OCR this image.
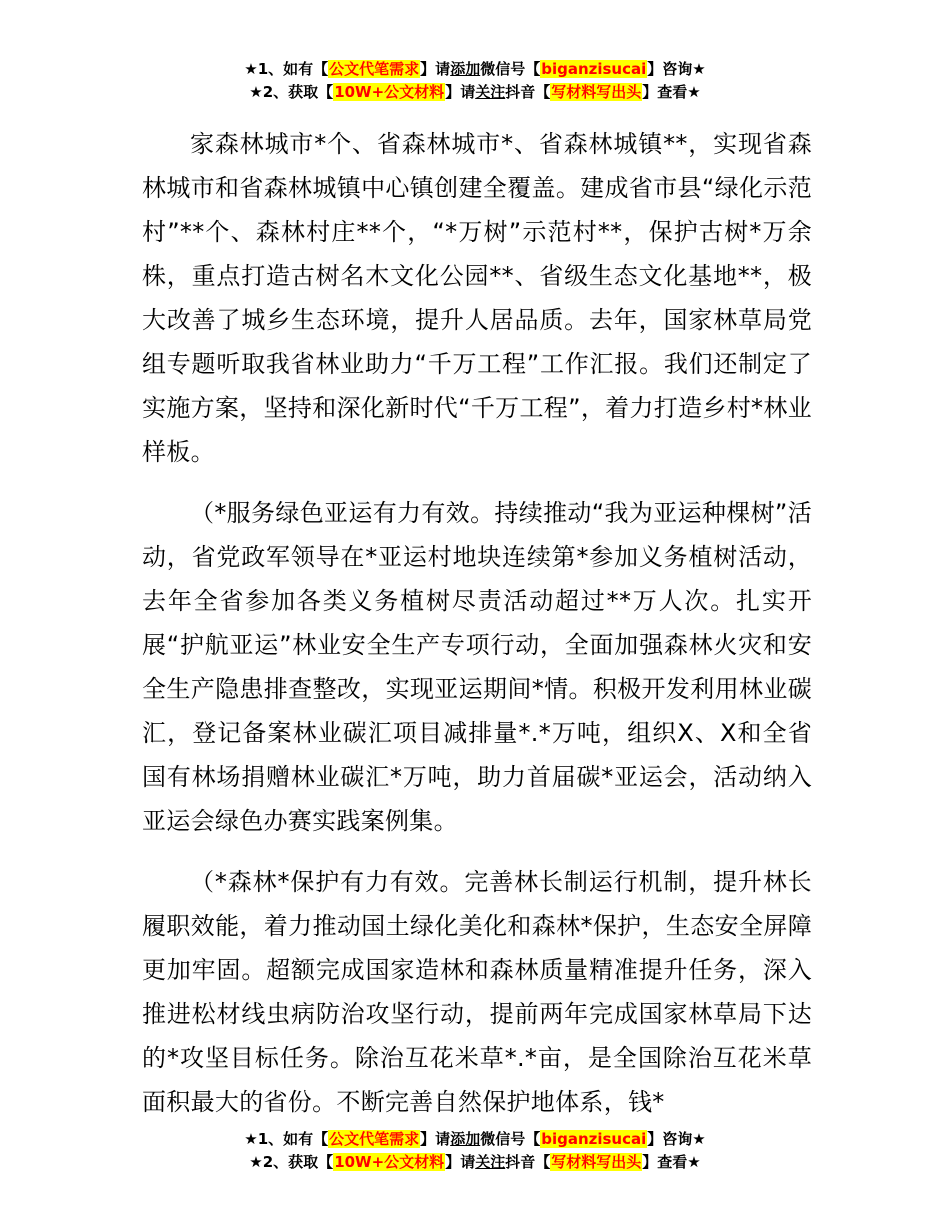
★1、如有【公文代笔需求】请添加微信号【biganzisucai】咨询★
★2、获取【10W+公文材料】请关注抖音【写材料写出头】查看★

家森林城市*个、省森林城市*、省森林城镇**，实现省森林城市和省森林城镇中心镇创建全覆盖。建成省市县“绿化示范村”**个、森林村庄**个，“*万树”示范村**，保护古树*万余株，重点打造古树名木文化公园**、省级生态文化基地**，极大改善了城乡生态环境，提升人居品质。去年，国家林草局党组专题听取我省林业助力“千万工程”工作汇报。我们还制定了实施方案，坚持和深化新时代“千万工程”，着力打造乡村*林业样板。

（*服务绿色亚运有力有效。持续推动“我为亚运种棵树”活动，省党政军领导在*亚运村地块连续第*参加义务植树活动，去年全省参加各类义务植树尽责活动超过**万人次。扎实开展“护航亚运”林业安全生产专项行动，全面加强森林火灾和安全生产隐患排查整改，实现亚运期间*情。积极开发利用林业碳汇，登记备案林业碳汇项目减排量*.*万吨，组织X、X和全省国有林场捐赠林业碳汇*万吨，助力首届碳*亚运会，活动纳入亚运会绿色办赛实践案例集。

（*森林*保护有力有效。完善林长制运行机制，提升林长履职效能，着力推动国土绿化美化和森林*保护，生态安全屏障更加牢固。超额完成国家造林和森林质量精准提升任务，深入推进松材线虫病防治攻坚行动，提前两年完成国家林草局下达的*攻坚目标任务。除治互花米草*.*亩，是全国除治互花米草面积最大的省份。不断完善自然保护地体系，钱*

★1、如有【公文代笔需求】请添加微信号【biganzisucai】咨询★
★2、获取【10W+公文材料】请关注抖音【写材料写出头】查看★
